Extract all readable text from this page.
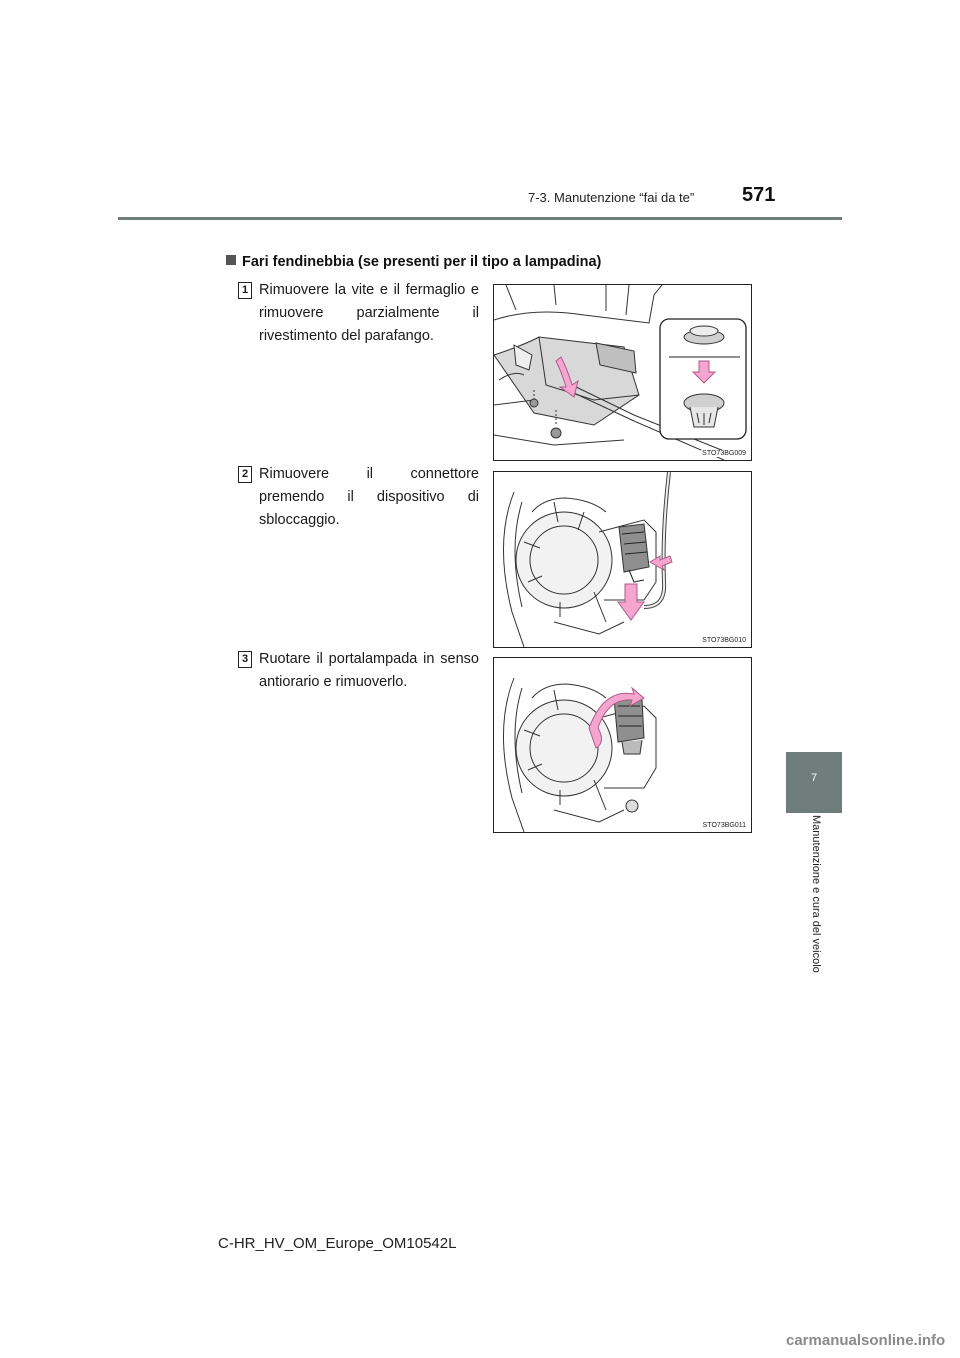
7-3. Manutenzione “fai da te” 571
7
Manutenzione e cura del veicolo
Fari fendinebbia (se presenti per il tipo a lampadina)
1 Rimuovere la vite e il fermaglio e rimuovere parzialmente il rivestimento del parafango.
STO73BG009
2 Rimuovere il connettore premendo il dispositivo di sbloccaggio.
STO73BG010
3 Ruotare il portalampada in senso antiorario e rimuoverlo.
STO73BG011
C-HR_HV_OM_Europe_OM10542L
carmanualsonline.info
